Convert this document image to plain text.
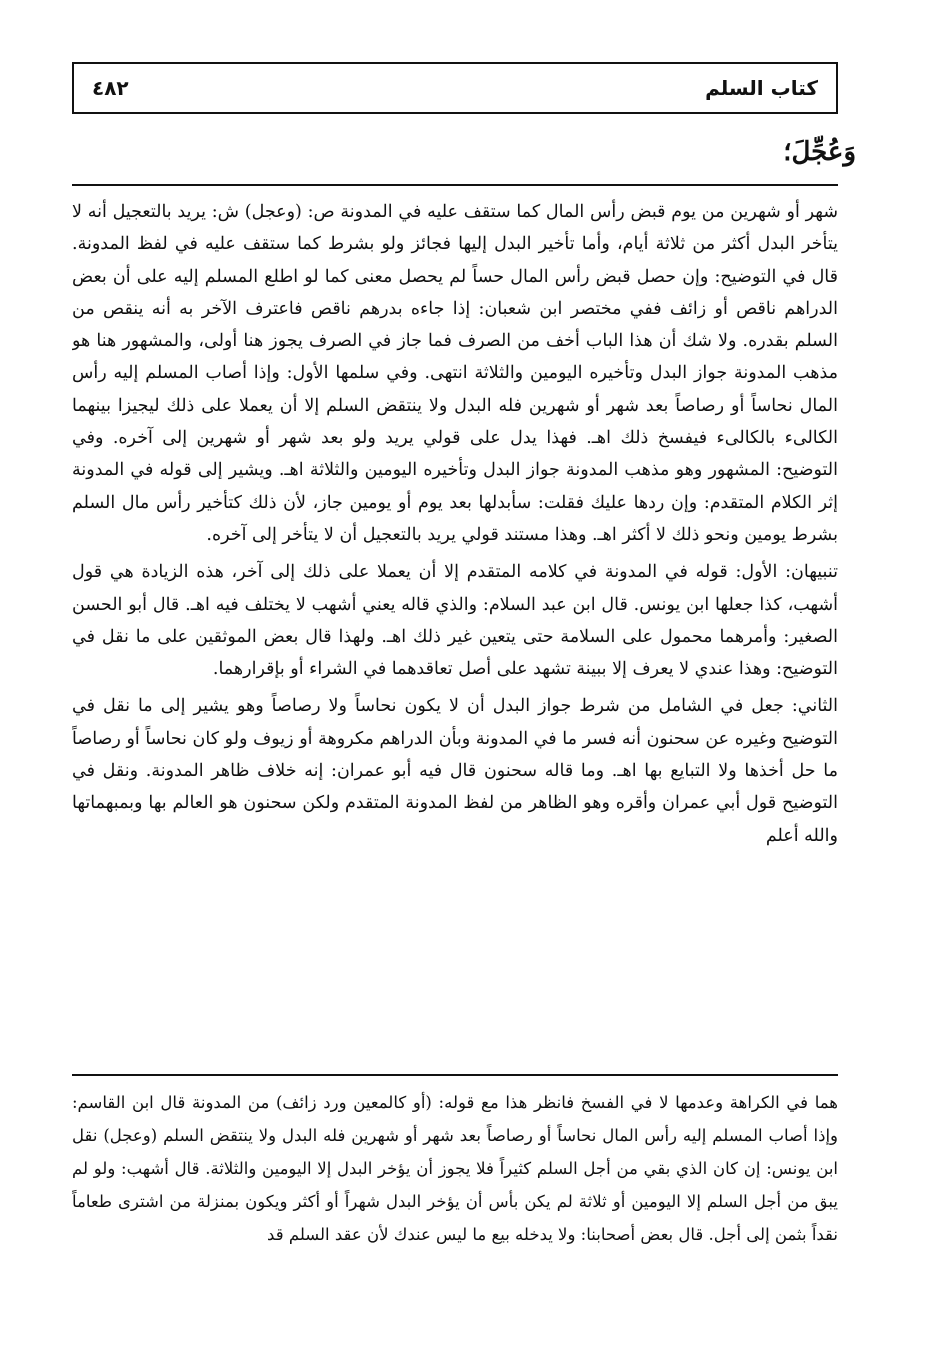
كتاب السلم
٤٨٢
وَعُجِّلَ؛

شهر أو شهرين من يوم قبض رأس المال كما ستقف عليه في المدونة ص: (وعجل) ش: يريد بالتعجيل أنه لا يتأخر البدل أكثر من ثلاثة أيام، وأما تأخير البدل إليها فجائز ولو بشرط كما ستقف عليه في لفظ المدونة. قال في التوضيح: وإن حصل قبض رأس المال حساً لم يحصل معنى كما لو اطلع المسلم إليه على أن بعض الدراهم ناقص أو زائف ففي مختصر ابن شعبان: إذا جاءه بدرهم ناقص فاعترف الآخر به أنه ينقص من السلم بقدره. ولا شك أن هذا الباب أخف من الصرف فما جاز في الصرف يجوز هنا أولى، والمشهور هنا هو مذهب المدونة جواز البدل وتأخيره اليومين والثلاثة انتهى. وفي سلمها الأول: وإذا أصاب المسلم إليه رأس المال نحاساً أو رصاصاً بعد شهر أو شهرين فله البدل ولا ينتقض السلم إلا أن يعملا على ذلك ليجيزا بينهما الكالىء بالكالىء فيفسخ ذلك اهـ. فهذا يدل على قولي يريد ولو بعد شهر أو شهرين إلى آخره. وفي التوضيح: المشهور وهو مذهب المدونة جواز البدل وتأخيره اليومين والثلاثة اهـ. ويشير إلى قوله في المدونة إثر الكلام المتقدم: وإن ردها عليك فقلت: سأبدلها بعد يوم أو يومين جاز، لأن ذلك كتأخير رأس مال السلم بشرط يومين ونحو ذلك لا أكثر اهـ. وهذا مستند قولي يريد بالتعجيل أن لا يتأخر إلى آخره.

تنبيهان: الأول: قوله في المدونة في كلامه المتقدم إلا أن يعملا على ذلك إلى آخر، هذه الزيادة هي قول أشهب، كذا جعلها ابن يونس. قال ابن عبد السلام: والذي قاله يعني أشهب لا يختلف فيه اهـ. قال أبو الحسن الصغير: وأمرهما محمول على السلامة حتى يتعين غير ذلك اهـ. ولهذا قال بعض الموثقين على ما نقل في التوضيح: وهذا عندي لا يعرف إلا ببينة تشهد على أصل تعاقدهما في الشراء أو بإقرارهما.

الثاني: جعل في الشامل من شرط جواز البدل أن لا يكون نحاساً ولا رصاصاً وهو يشير إلى ما نقل في التوضيح وغيره عن سحنون أنه فسر ما في المدونة وبأن الدراهم مكروهة أو زيوف ولو كان نحاساً أو رصاصاً ما حل أخذها ولا التبايع بها اهـ. وما قاله سحنون قال فيه أبو عمران: إنه خلاف ظاهر المدونة. ونقل في التوضيح قول أبي عمران وأقره وهو الظاهر من لفظ المدونة المتقدم ولكن سحنون هو العالم بها وبمبهماتها والله أعلم

هما في الكراهة وعدمها لا في الفسخ فانظر هذا مع قوله: (أو كالمعين ورد زائف) من المدونة قال ابن القاسم: وإذا أصاب المسلم إليه رأس المال نحاساً أو رصاصاً بعد شهر أو شهرين فله البدل ولا ينتقض السلم (وعجل) نقل ابن يونس: إن كان الذي بقي من أجل السلم كثيراً فلا يجوز أن يؤخر البدل إلا اليومين والثلاثة. قال أشهب: ولو لم يبق من أجل السلم إلا اليومين أو ثلاثة لم يكن بأس أن يؤخر البدل شهراً أو أكثر ويكون بمنزلة من اشترى طعاماً نقداً بثمن إلى أجل. قال بعض أصحابنا: ولا يدخله بيع ما ليس عندك لأن عقد السلم قد
